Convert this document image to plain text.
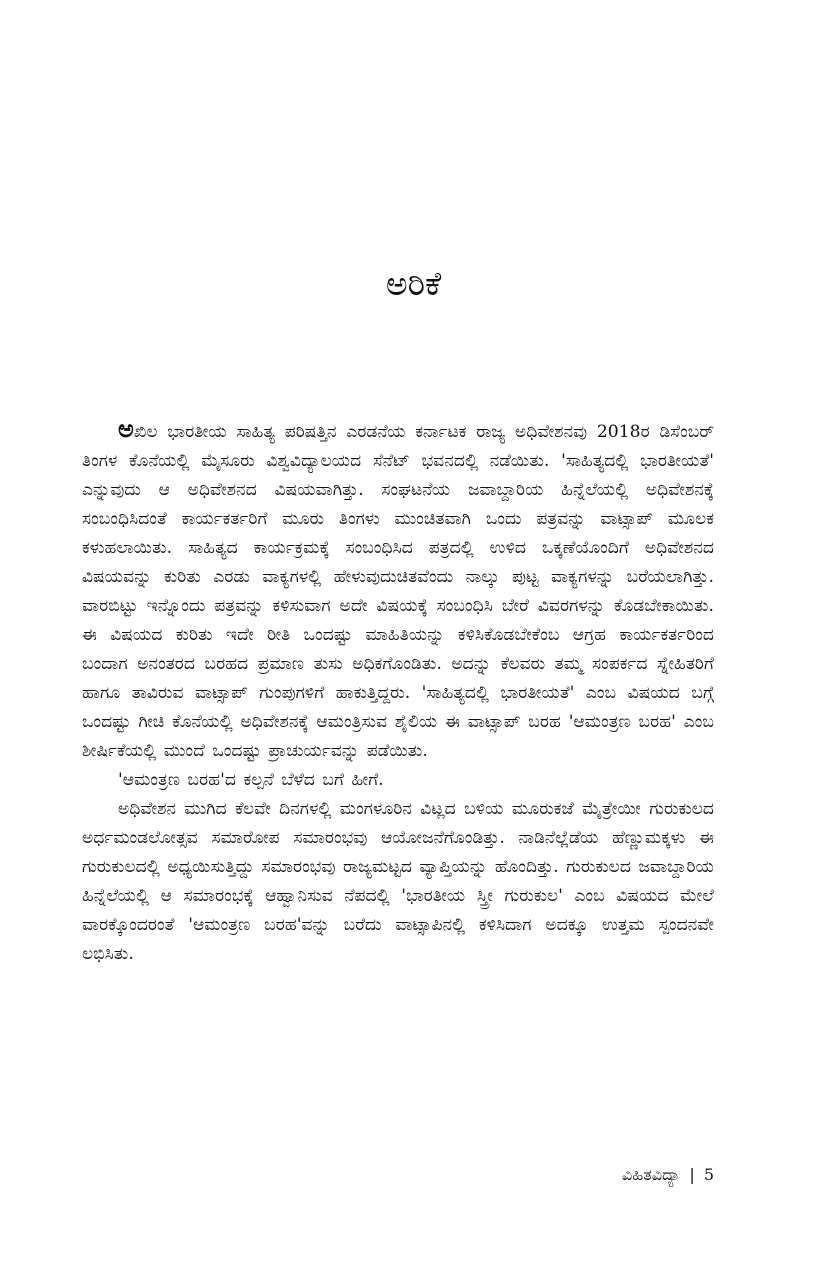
ಅರಿಕೆ

ಅಖಿಲ ಭಾರತೀಯ ಸಾಹಿತ್ಯ ಪರಿಷತ್ತಿನ ಎರಡನೆಯ ಕರ್ನಾಟಕ ರಾಜ್ಯ ಅಧಿವೇಶನವು 2018ರ ಡಿಸೆಂಬರ್ ತಿಂಗಳ ಕೊನೆಯಲ್ಲಿ ಮೈಸೂರು ವಿಶ್ವವಿದ್ಯಾಲಯದ ಸೆನೆಟ್ ಭವನದಲ್ಲಿ ನಡೆಯಿತು. 'ಸಾಹಿತ್ಯದಲ್ಲಿ ಭಾರತೀಯತೆ' ಎನ್ನುವುದು ಆ ಅಧಿವೇಶನದ ವಿಷಯವಾಗಿತ್ತು. ಸಂಘಟನೆಯ ಜವಾಬ್ದಾರಿಯ ಹಿನ್ನೆಲೆಯಲ್ಲಿ ಅಧಿವೇಶನಕ್ಕೆ ಸಂಬಂಧಿಸಿದಂತೆ ಕಾರ್ಯಕರ್ತರಿಗೆ ಮೂರು ತಿಂಗಳು ಮುಂಚಿತವಾಗಿ ಒಂದು ಪತ್ರವನ್ನು ವಾಟ್ಸಾಪ್ ಮೂಲಕ ಕಳುಹಲಾಯಿತು. ಸಾಹಿತ್ಯದ ಕಾರ್ಯಕ್ರಮಕ್ಕೆ ಸಂಬಂಧಿಸಿದ ಪತ್ರದಲ್ಲಿ ಉಳಿದ ಒಕ್ಕಣೆಯೊಂದಿಗೆ ಅಧಿವೇಶನದ ವಿಷಯವನ್ನು ಕುರಿತು ಎರಡು ವಾಕ್ಯಗಳಲ್ಲಿ ಹೇಳುವುದುಚಿತವೆಂದು ನಾಲ್ಕು ಪುಟ್ಟ ವಾಕ್ಯಗಳನ್ನು ಬರೆಯಲಾಗಿತ್ತು. ವಾರಬಿಟ್ಟು ಇನ್ನೊಂದು ಪತ್ರವನ್ನು ಕಳಿಸುವಾಗ ಅದೇ ವಿಷಯಕ್ಕೆ ಸಂಬಂಧಿಸಿ ಬೇರೆ ವಿವರಗಳನ್ನು ಕೊಡಬೇಕಾಯಿತು. ಈ ವಿಷಯದ ಕುರಿತು ಇದೇ ರೀತಿ ಒಂದಷ್ಟು ಮಾಹಿತಿಯನ್ನು ಕಳಿಸಿಕೊಡಬೇಕೆಂಬ ಆಗ್ರಹ ಕಾರ್ಯಕರ್ತರಿಂದ ಬಂದಾಗ ಅನಂತರದ ಬರಹದ ಪ್ರಮಾಣ ತುಸು ಅಧಿಕಗೊಂಡಿತು. ಅದನ್ನು ಕೆಲವರು ತಮ್ಮ ಸಂಪರ್ಕದ ಸ್ನೇಹಿತರಿಗೆ ಹಾಗೂ ತಾವಿರುವ ವಾಟ್ಸಾಪ್ ಗುಂಪುಗಳಿಗೆ ಹಾಕುತ್ತಿದ್ದರು. 'ಸಾಹಿತ್ಯದಲ್ಲಿ ಭಾರತೀಯತೆ' ಎಂಬ ವಿಷಯದ ಬಗ್ಗೆ ಒಂದಷ್ಟು ಗೀಚಿ ಕೊನೆಯಲ್ಲಿ ಅಧಿವೇಶನಕ್ಕೆ ಆಮಂತ್ರಿಸುವ ಶೈಲಿಯ ಈ ವಾಟ್ಸಾಪ್ ಬರಹ 'ಆಮಂತ್ರಣ ಬರಹ' ಎಂಬ ಶೀರ್ಷಿಕೆಯಲ್ಲಿ ಮುಂದೆ ಒಂದಷ್ಟು ಪ್ರಾಚುರ್ಯವನ್ನು ಪಡೆಯಿತು.

'ಆಮಂತ್ರಣ ಬರಹ'ದ ಕಲ್ಪನೆ ಬೆಳೆದ ಬಗೆ ಹೀಗೆ.

ಅಧಿವೇಶನ ಮುಗಿದ ಕೆಲವೇ ದಿನಗಳಲ್ಲಿ ಮಂಗಳೂರಿನ ವಿಟ್ಲದ ಬಳಿಯ ಮೂರುಕಜೆ ಮೈತ್ರೇಯೀ ಗುರುಕುಲದ ಅರ್ಧಮಂಡಲೋತ್ಸವ ಸಮಾರೋಪ ಸಮಾರಂಭವು ಆಯೋಜನೆಗೊಂಡಿತ್ತು. ನಾಡಿನೆಲ್ಲೆಡೆಯ ಹೆಣ್ಣುಮಕ್ಕಳು ಈ ಗುರುಕುಲದಲ್ಲಿ ಅಧ್ಯಯಿಸುತ್ತಿದ್ದು ಸಮಾರಂಭವು ರಾಜ್ಯಮಟ್ಟದ ವ್ಯಾಪ್ತಿಯನ್ನು ಹೊಂದಿತ್ತು. ಗುರುಕುಲದ ಜವಾಬ್ದಾರಿಯ ಹಿನ್ನೆಲೆಯಲ್ಲಿ ಆ ಸಮಾರಂಭಕ್ಕೆ ಆಹ್ವಾನಿಸುವ ನೆಪದಲ್ಲಿ 'ಭಾರತೀಯ ಸ್ತ್ರೀ ಗುರುಕುಲ' ಎಂಬ ವಿಷಯದ ಮೇಲೆ ವಾರಕ್ಕೊಂದರಂತೆ 'ಆಮಂತ್ರಣ ಬರಹ'ವನ್ನು ಬರೆದು ವಾಟ್ಸಾಪಿನಲ್ಲಿ ಕಳಿಸಿದಾಗ ಅದಕ್ಕೂ ಉತ್ತಮ ಸ್ಪಂದನವೇ ಲಭಿಸಿತು.

ವಿಹಿತವಿದ್ಯಾ | 5
